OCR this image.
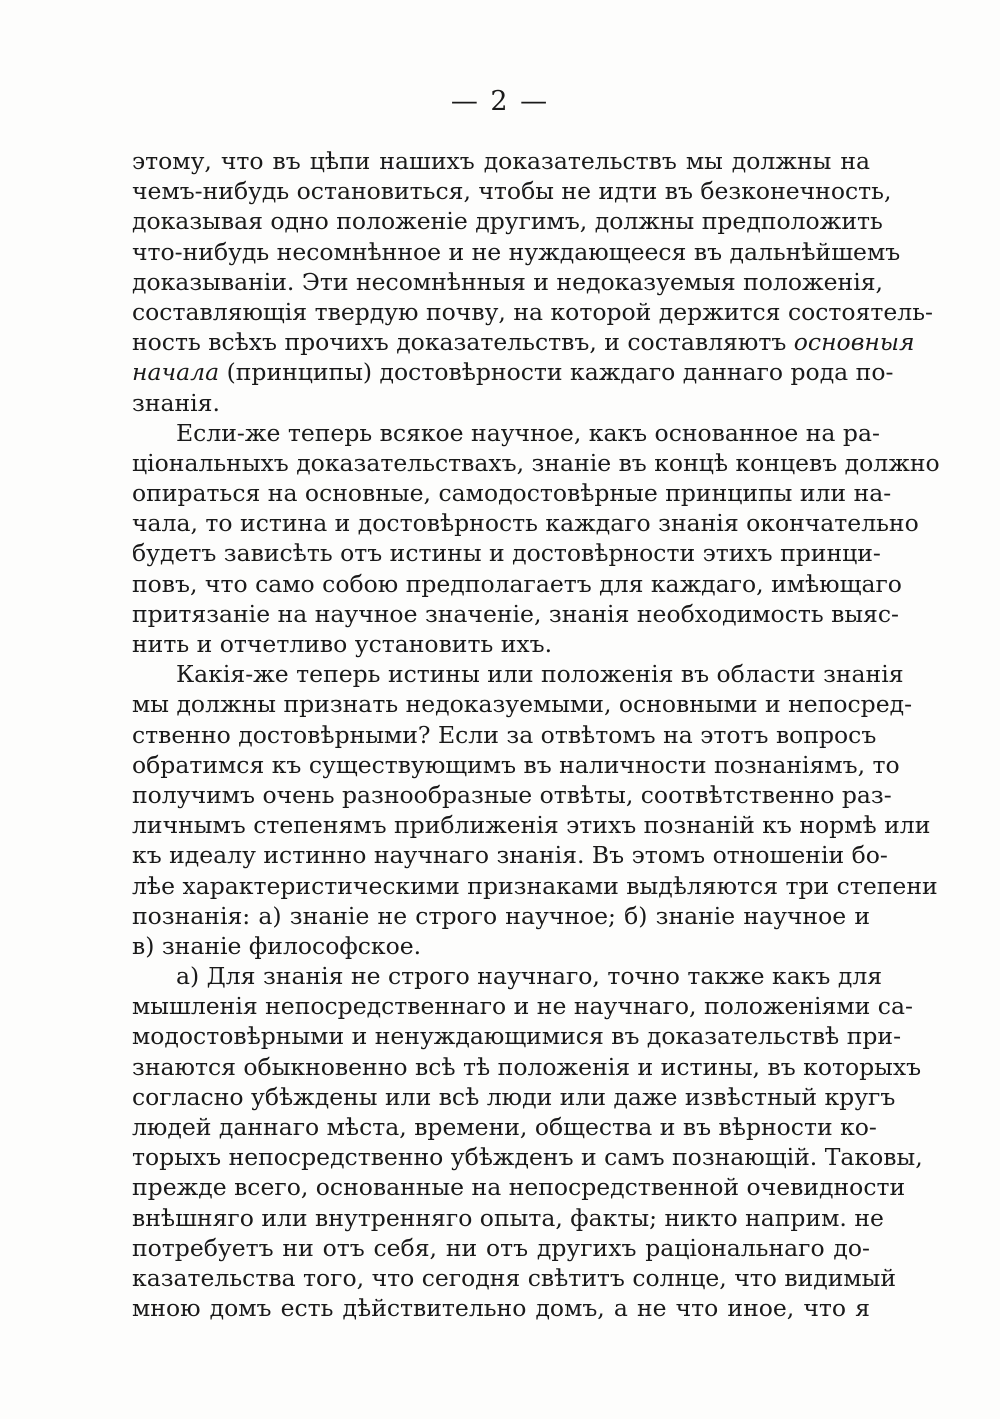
— 2 —
этому, что въ цѣпи нашихъ доказательствъ мы должны на
чемъ-нибудь остановиться, чтобы не идти въ безконечность,
доказывая одно положеніе другимъ, должны предположить
что-нибудь несомнѣнное и не нуждающееся въ дальнѣйшемъ
доказываніи. Эти несомнѣнныя и недоказуемыя положенія,
составляющія твердую почву, на которой держится состоятель-
ность всѣхъ прочихъ доказательствъ, и составляютъ основныя
начала (принципы) достовѣрности каждаго даннаго рода по-
знанія.
Если-же теперь всякое научное, какъ основанное на ра-
ціональныхъ доказательствахъ, знаніе въ концѣ концевъ должно
опираться на основные, самодостовѣрные принципы или на-
чала, то истина и достовѣрность каждаго знанія окончательно
будетъ зависѣть отъ истины и достовѣрности этихъ принци-
повъ, что само собою предполагаетъ для каждаго, имѣющаго
притязаніе на научное значеніе, знанія необходимость выяс-
нить и отчетливо установить ихъ.
Какія-же теперь истины или положенія въ области знанія
мы должны признать недоказуемыми, основными и непосред-
ственно достовѣрными? Если за отвѣтомъ на этотъ вопросъ
обратимся къ существующимъ въ наличности познаніямъ, то
получимъ очень разнообразные отвѣты, соотвѣтственно раз-
личнымъ степенямъ приближенія этихъ познаній къ нормѣ или
къ идеалу истинно научнаго знанія. Въ этомъ отношеніи бо-
лѣе характеристическими признаками выдѣляются три степени
познанія: а) знаніе не строго научное; б) знаніе научное и
в) знаніе философское.
а) Для знанія не строго научнаго, точно также какъ для
мышленія непосредственнаго и не научнаго, положеніями са-
модостовѣрными и ненуждающимися въ доказательствѣ при-
знаются обыкновенно всѣ тѣ положенія и истины, въ которыхъ
согласно убѣждены или всѣ люди или даже извѣстный кругъ
людей даннаго мѣста, времени, общества и въ вѣрности ко-
торыхъ непосредственно убѣжденъ и самъ познающій. Таковы,
прежде всего, основанные на непосредственной очевидности
внѣшняго или внутренняго опыта, факты; никто наприм. не
потребуетъ ни отъ себя, ни отъ другихъ раціональнаго до-
казательства того, что сегодня свѣтитъ солнце, что видимый
мною домъ есть дѣйствительно домъ, а не что иное, что я
